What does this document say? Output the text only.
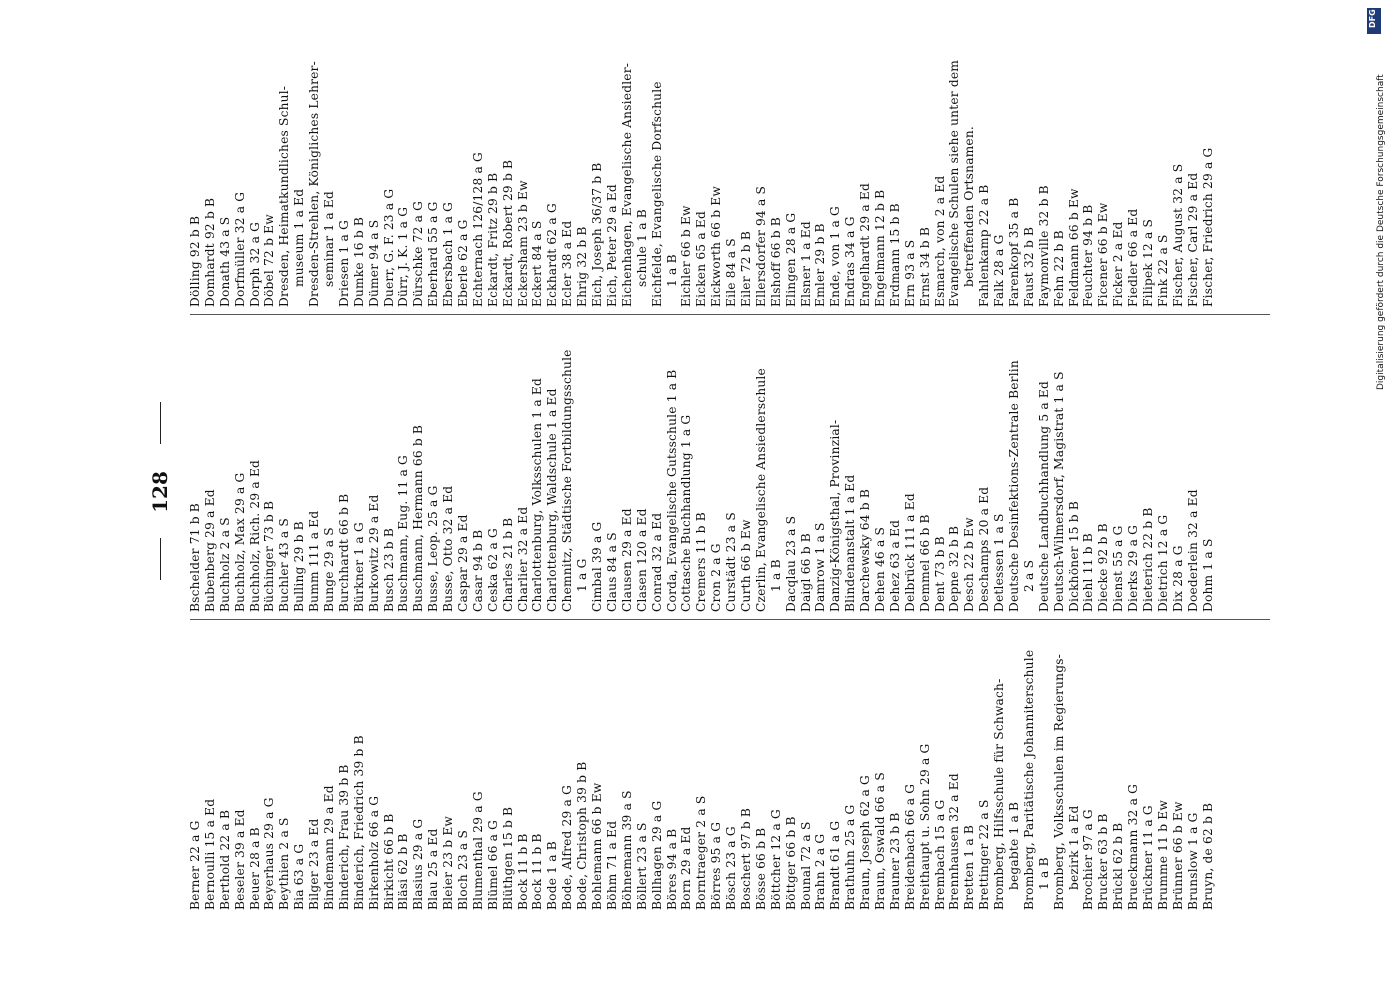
128
Berner 22 a G Bernoulli 15 a Ed Berthold 22 a B Beseler 39 a Ed Beuer 28 a B Beyerhaus 29 a G Beythien 2 a S Bia 63 a G Bilger 23 a Ed Bindemann 29 a Ed Binderich, Frau 39 b B Binderich, Friedrich 39 b B Birkenholz 66 a G Birkicht 66 b B Bläsi 62 b B Blasius 29 a G Blau 25 a Ed Bleier 23 b Ew Bloch 23 a S Blumenthal 29 a G Blümel 66 a G Blüthgen 15 b B Bock 11 b B Bock 11 b B Bode 1 a B Bode, Alfred 29 a G Bode, Christoph 39 b B Bohlemann 66 b Ew Böhm 71 a Ed Böhnemann 39 a S Böllert 23 a S Bollhagen 29 a G Böres 94 a B Born 29 a Ed Borntraeger 2 a S Börres 95 a G Bösch 23 a G Boschert 97 b B Bösse 66 b B Böttcher 12 a G Böttger 66 b B Bounal 72 a S Brahn 2 a G Brandt 61 a G Brathuhn 25 a G Braun, Joseph 62 a G Braun, Oswald 66 a S Brauner 23 b B Breidenbach 66 a G Breithaupt u. Sohn 29 a G Brembach 15 a G Brennhausen 32 a Ed Bretten 1 a B Brettinger 22 a S Bromberg, Hilfsschule für Schwach- begabte 1 a B Bromberg, Paritätische Johanniterschule 1 a B Bromberg, Volksschulen im Regierungs- bezirk 1 a Ed Brochier 97 a G Brucker 63 b B Brückl 62 b B Brueckmann 32 a G Brückner 11 a G Brumme 11 b Ew Brünner 66 b Ew Brunslow 1 a G Bruyn, de 62 b B
Bschelder 71 b B Bubenberg 29 a Ed Buchholz 2 a S Buchholz, Max 29 a G Buchholz, Rich. 29 a Ed Büchinger 73 b B Buchler 43 a S Bulling 29 b B Bumm 111 a Ed Bunge 29 a S Burchhardt 66 b B Bürkner 1 a G Burkowitz 29 a Ed Busch 23 b B Buschmann, Eug. 11 a G Buschmann, Hermann 66 b B Busse, Leop. 25 a G Busse, Otto 32 a Ed Caspar 29 a Ed Casar 94 b B Ceska 62 a G Charles 21 b B Charlier 32 a Ed Charlottenburg, Volksschulen 1 a Ed Charlottenburg, Waldschule 1 a Ed Chemnitz, Städtische Fortbildungsschule 1 a G Cimbal 39 a G Claus 84 a S Clausen 29 a Ed Clasen 120 a Ed Conrad 32 a Ed Corda, Evangelische Gutsschule 1 a B Cottasche Buchhandlung 1 a G Cremers 11 b B Cron 2 a G Curstädt 23 a S Curth 66 b Ew Czerlin, Evangelische Ansiedlerschule 1 a B Dacqlau 23 a S Daigl 66 b B Damrow 1 a S Danzig-Königsthal, Provinzial- Blindenanstalt 1 a Ed Darchewsky 64 b B Dehen 46 a S Dehez 63 a Ed Delbrück 111 a Ed Demmel 66 b B Dent 73 b B Depne 32 b B Desch 22 b Ew Deschamps 20 a Ed Detlessen 1 a S Deutsche Desinfektions-Zentrale Berlin 2 a S Deutsche Landbuchhandlung 5 a Ed Deutsch-Wilmersdorf, Magistrat 1 a S Dickhöner 15 b B Diehl 11 b B Diecke 92 b B Dienst 55 a G Dierks 29 a G Dieterich 22 b B Dietrich 12 a G Dix 28 a G Doederlein 32 a Ed Dohm 1 a S
Dölling 92 b B Domhardt 92 b B Donath 43 a S Dorfmüller 32 a G Dorph 32 a G Döbel 72 b Ew Dresden, Heimatkundliches Schul- museum 1 a Ed Dresden-Strehlen, Königliches Lehrer- seminar 1 a Ed Driesen 1 a G Dumke 16 b B Dümer 94 a S Duerr, G. F. 23 a G Dürr, J. K. 1 a G Dürschke 72 a G Eberhard 55 a G Ebersbach 1 a G Eberle 62 a G Echternach 126/128 a G Eckardt, Fritz 29 b B Eckardt, Robert 29 b B Eckersham 23 b Ew Eckert 84 a S Eckhardt 62 a G Ecler 38 a Ed Ehrig 32 b B Eich, Joseph 36/37 b B Eich, Peter 29 a Ed Eichenhagen, Evangelische Ansiedler- schule 1 a B Eichfelde, Evangelische Dorfschule 1 a B Eichler 66 b Ew Eicken 65 a Ed Eickworth 66 b Ew Eile 84 a S Eiler 72 b B Ellersdorfer 94 a S Elshoff 66 b B Elingen 28 a G Elsner 1 a Ed Emler 29 b B Ende, von 1 a G Endras 34 a G Engelhardt 29 a Ed Engelmann 12 b B Erdmann 15 b B Ern 93 a S Ernst 34 b B Esmarch, von 2 a Ed Evangelische Schulen siehe unter dem betreffenden Ortsnamen. Fahlenkamp 22 a B Falk 28 a G Farenkopf 35 a B Faust 32 b B Faymonville 32 b B Fehn 22 b B Feldmann 66 b Ew Feuchter 94 b B Ficener 66 b Ew Ficker 2 a Ed Fiedler 66 a Ed Filipek 12 a S Fink 22 a S Fischer, August 32 a S Fischer, Carl 29 a Ed Fischer, Friedrich 29 a G
DFG
Digitalisierung gefördert durch die Deutsche Forschungsgemeinschaft
